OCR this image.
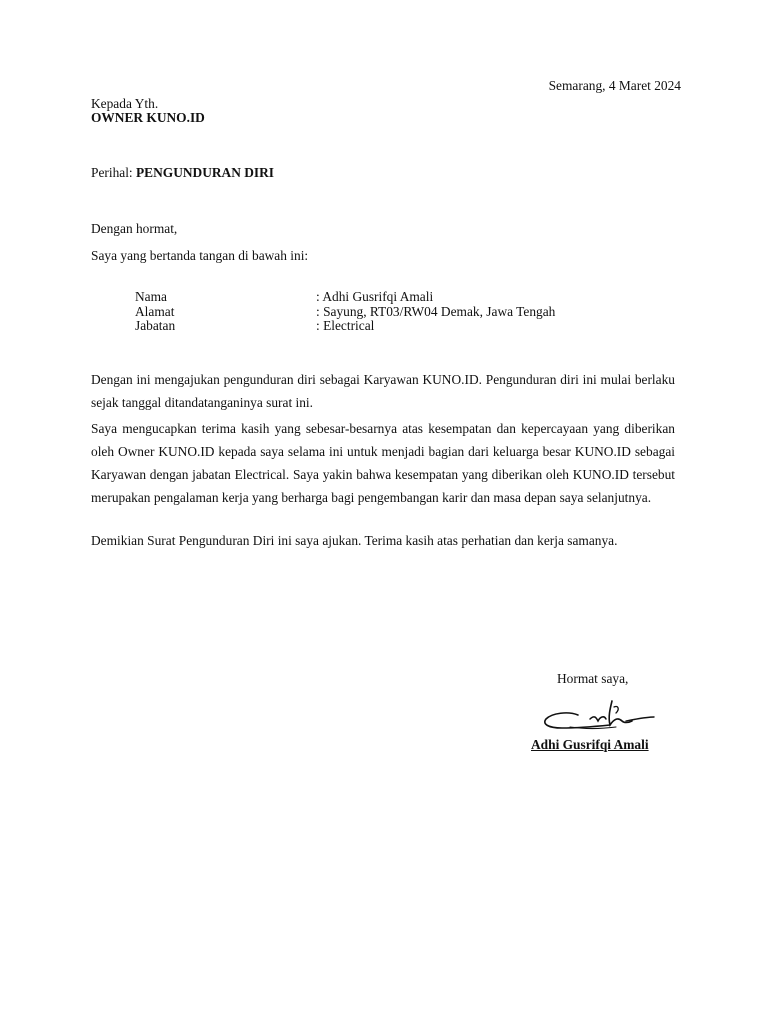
Semarang, 4 Maret 2024
Kepada Yth.
OWNER KUNO.ID
Perihal: PENGUNDURAN DIRI
Dengan hormat,
Saya yang bertanda tangan di bawah ini:
Nama	: Adhi Gusrifqi Amali
Alamat	: Sayung, RT03/RW04 Demak, Jawa Tengah
Jabatan	: Electrical
Dengan ini mengajukan pengunduran diri sebagai Karyawan KUNO.ID. Pengunduran diri ini mulai berlaku sejak tanggal ditandatanganinya surat ini.
Saya mengucapkan terima kasih yang sebesar-besarnya atas kesempatan dan kepercayaan yang diberikan oleh Owner KUNO.ID kepada saya selama ini untuk menjadi bagian dari keluarga besar KUNO.ID sebagai Karyawan dengan jabatan Electrical. Saya yakin bahwa kesempatan yang diberikan oleh KUNO.ID tersebut merupakan pengalaman kerja yang berharga bagi pengembangan karir dan masa depan saya selanjutnya.
Demikian Surat Pengunduran Diri ini saya ajukan. Terima kasih atas perhatian dan kerja samanya.
Hormat saya,
Adhi Gusrifqi Amali
